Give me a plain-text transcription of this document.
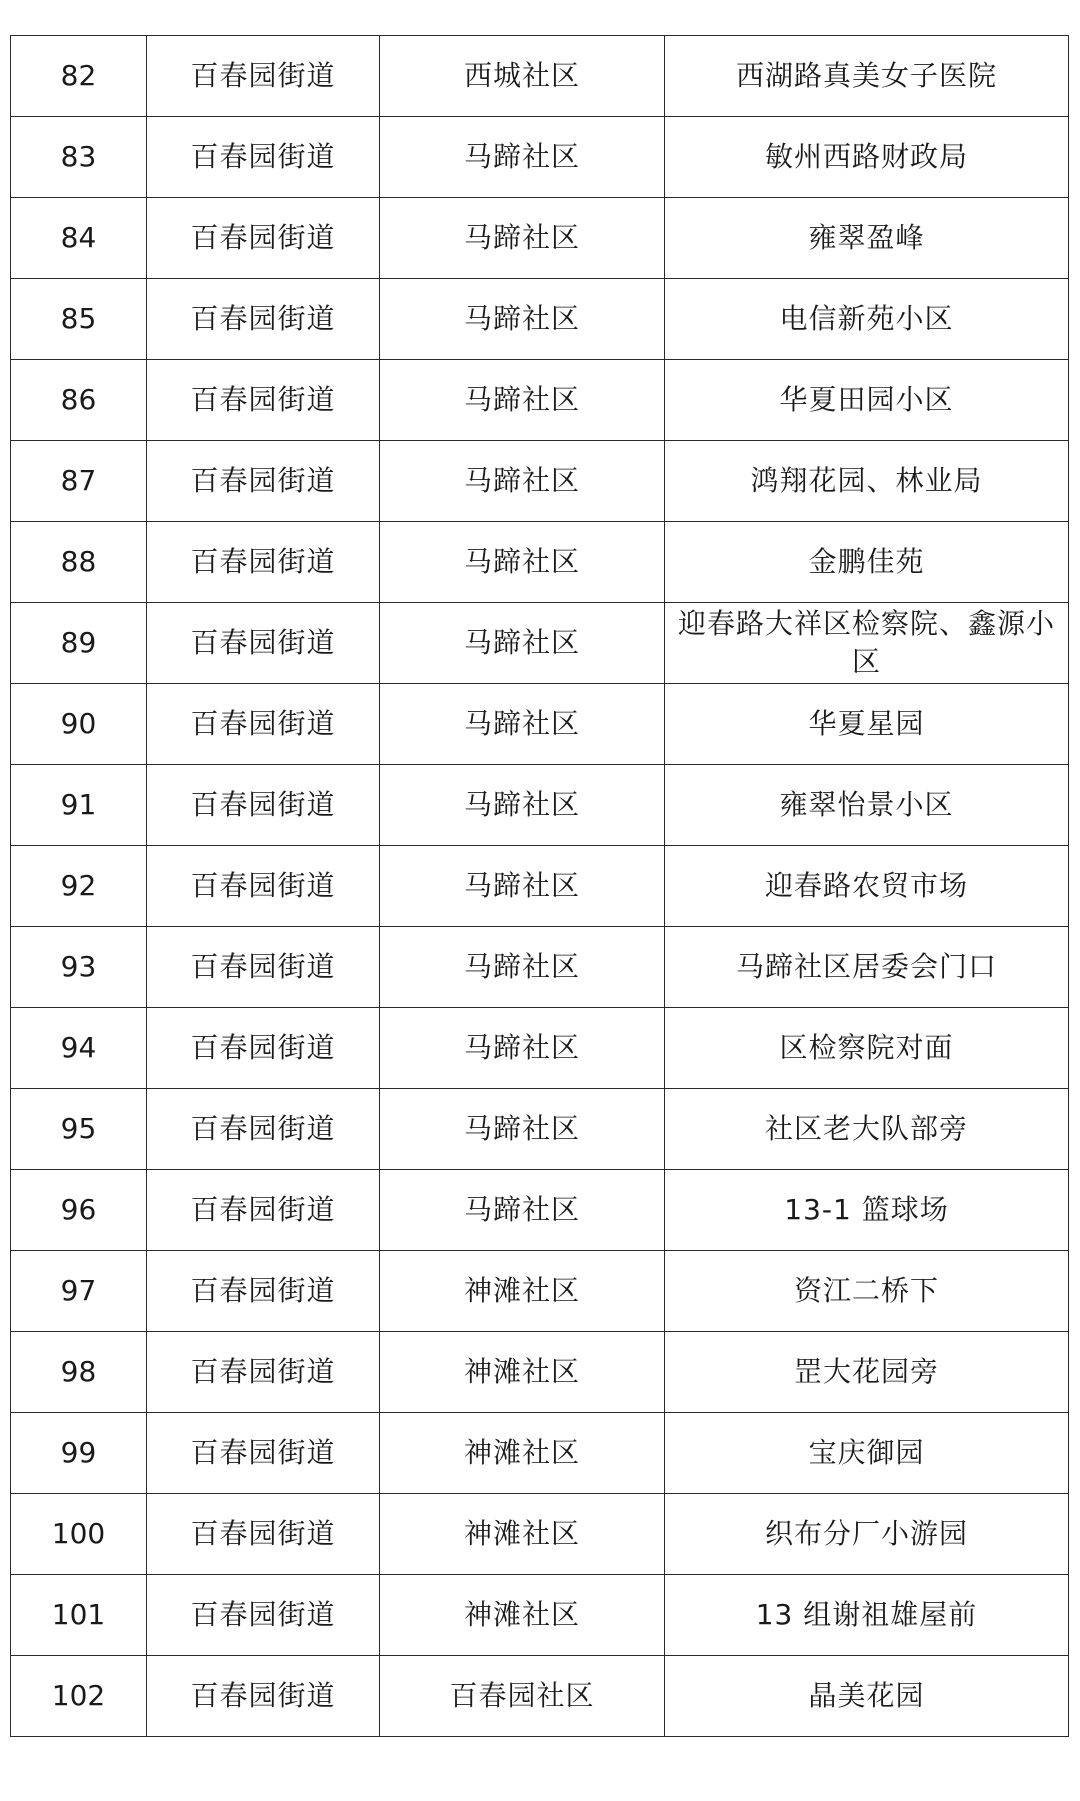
82	百春园街道	西城社区	西湖路真美女子医院
83	百春园街道	马蹄社区	敏州西路财政局
84	百春园街道	马蹄社区	雍翠盈峰
85	百春园街道	马蹄社区	电信新苑小区
86	百春园街道	马蹄社区	华夏田园小区
87	百春园街道	马蹄社区	鸿翔花园、林业局
88	百春园街道	马蹄社区	金鹏佳苑
89	百春园街道	马蹄社区	迎春路大祥区检察院、鑫源小区
90	百春园街道	马蹄社区	华夏星园
91	百春园街道	马蹄社区	雍翠怡景小区
92	百春园街道	马蹄社区	迎春路农贸市场
93	百春园街道	马蹄社区	马蹄社区居委会门口
94	百春园街道	马蹄社区	区检察院对面
95	百春园街道	马蹄社区	社区老大队部旁
96	百春园街道	马蹄社区	13-1 篮球场
97	百春园街道	神滩社区	资江二桥下
98	百春园街道	神滩社区	罡大花园旁
99	百春园街道	神滩社区	宝庆御园
100	百春园街道	神滩社区	织布分厂小游园
101	百春园街道	神滩社区	13 组谢祖雄屋前
102	百春园街道	百春园社区	晶美花园
